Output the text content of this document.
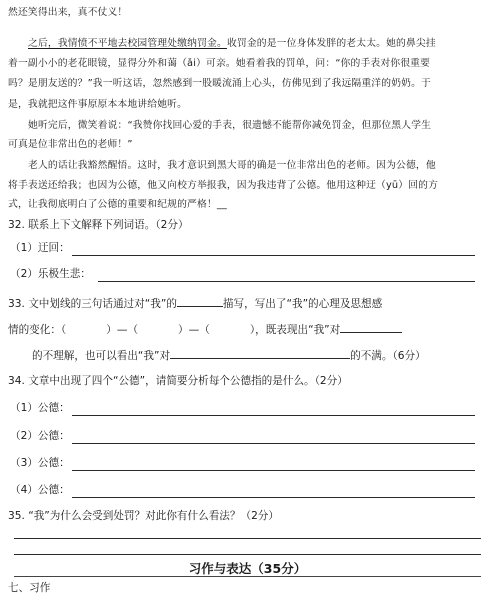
然还笑得出来，真不仗义！
之后，我情愤不平地去校园管理处缴纳罚金。收罚金的是一位身体发胖的老太太。她的鼻尖挂
着一副小小的老花眼镜，显得分外和蔼（ǎi）可亲。她看着我的罚单，问：“你的手表对你很重要
吗？是朋友送的？”我一听这话，忽然感到一股暖流涌上心头，仿佛见到了我远隔重洋的奶奶。于
是，我就把这件事原原本本地讲给她听。
她听完后，微笑着说：“我赞你找回心爱的手表，很遗憾不能帮你减免罚金，但那位黑人学生
可真是位非常出色的老师！”
老人的话让我豁然醒悟。这时，我才意识到黑大哥的确是一位非常出色的老师。因为公德，他
将手表送还给我；也因为公德，他又向校方举报我，因为我违背了公德。他用这种迂（yū）回的方
式，让我彻底明白了公德的重要和纪规的严格！__
32. 联系上下文解释下列词语。（2分）
（1）迂回：
（2）乐极生悲：
33. 文中划线的三句话通过对“我”的	描写，写出了“我”的心理及思想感
情的变化：（	）—（	）—（	），既表现出“我”对
的不理解，也可以看出“我”对	的不满。（6分）
34. 文章中出现了四个“公德”，请简要分析每个公德指的是什么。（2分）
（1）公德：
（2）公德：
（3）公德：
（4）公德：
35. “我”为什么会受到处罚？对此你有什么看法？（2分）
习作与表达（35分）
七、习作
